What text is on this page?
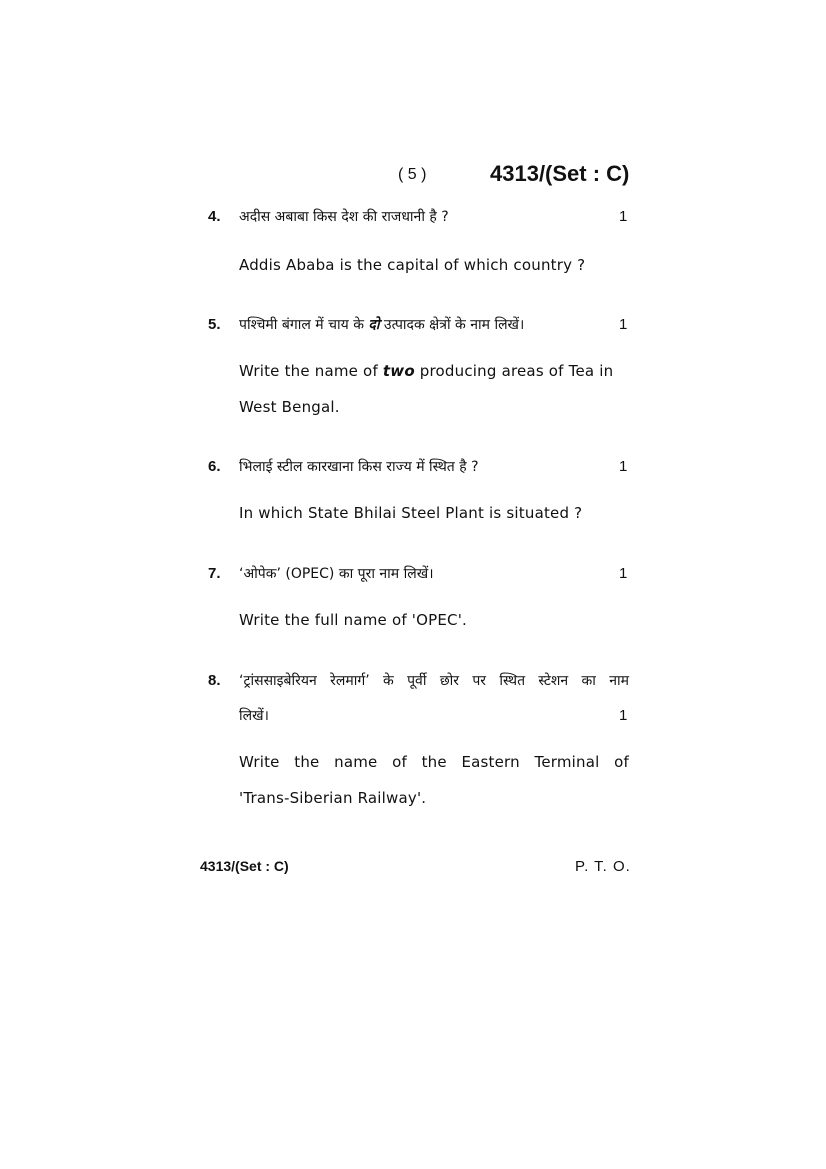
( 5 )	4313/(Set : C)
4. अदीस अबाबा किस देश की राजधानी है ?	1
Addis Ababa is the capital of which country ?
5. पश्चिमी बंगाल में चाय के दो उत्पादक क्षेत्रों के नाम लिखें।	1
Write the name of two producing areas of Tea in
West Bengal.
6. भिलाई स्टील कारखाना किस राज्य में स्थित है ?	1
In which State Bhilai Steel Plant is situated ?
7. ‘ओपेक’ (OPEC) का पूरा नाम लिखें।	1
Write the full name of 'OPEC'.
8. ‘ट्रांससाइबेरियन रेलमार्ग’ के पूर्वी छोर पर स्थित स्टेशन का नाम
लिखें।	1
Write the name of the Eastern Terminal of
'Trans-Siberian Railway'.
4313/(Set : C)	P. T. O.
